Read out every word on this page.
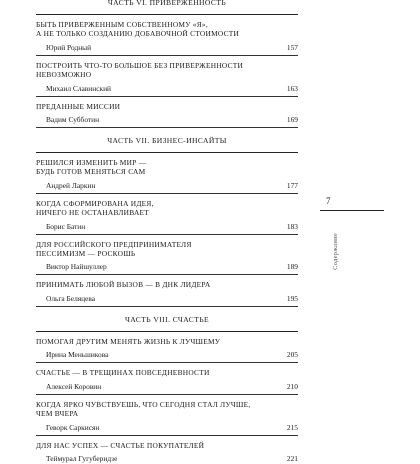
ЧАСТЬ VI. ПРИВЕРЖЕННОСТЬ
БЫТЬ ПРИВЕРЖЕННЫМ СОБСТВЕННОМУ «Я»,
А НЕ ТОЛЬКО СОЗДАНИЮ ДОБАВОЧНОЙ СТОИМОСТИ
Юрий Родный	157
ПОСТРОИТЬ ЧТО-ТО БОЛЬШОЕ БЕЗ ПРИВЕРЖЕННОСТИ
НЕВОЗМОЖНО
Михаил Славинский	163
ПРЕДАННЫЕ МИССИИ
Вадим Субботин	169
ЧАСТЬ VII. БИЗНЕС-ИНСАЙТЫ
РЕШИЛСЯ ИЗМЕНИТЬ МИР —
БУДЬ ГОТОВ МЕНЯТЬСЯ САМ
Андрей Ларкин	177
КОГДА СФОРМИРОВАНА ИДЕЯ,
НИЧЕГО НЕ ОСТАНАВЛИВАЕТ
Борис Батин	183
ДЛЯ РОССИЙСКОГО ПРЕДПРИНИМАТЕЛЯ
ПЕССИМИЗМ — РОСКОШЬ
Виктор Найшуллер	189
ПРИНИМАТЬ ЛЮБОЙ ВЫЗОВ — В ДНК ЛИДЕРА
Ольга Беляцева	195
ЧАСТЬ VIII. СЧАСТЬЕ
ПОМОГАЯ ДРУГИМ МЕНЯТЬ ЖИЗНЬ К ЛУЧШЕМУ
Ирина Меньшикова	205
СЧАСТЬЕ — В ТРЕЩИНАХ ПОВСЕДНЕВНОСТИ
Алексей Коровин	210
КОГДА ЯРКО ЧУВСТВУЕШЬ, ЧТО СЕГОДНЯ СТАЛ ЛУЧШЕ,
ЧЕМ ВЧЕРА
Геворк Саркисян	215
ДЛЯ НАС УСПЕХ — СЧАСТЬЕ ПОКУПАТЕЛЕЙ
Теймурал Гугуберидзе	221
7
Содержание
